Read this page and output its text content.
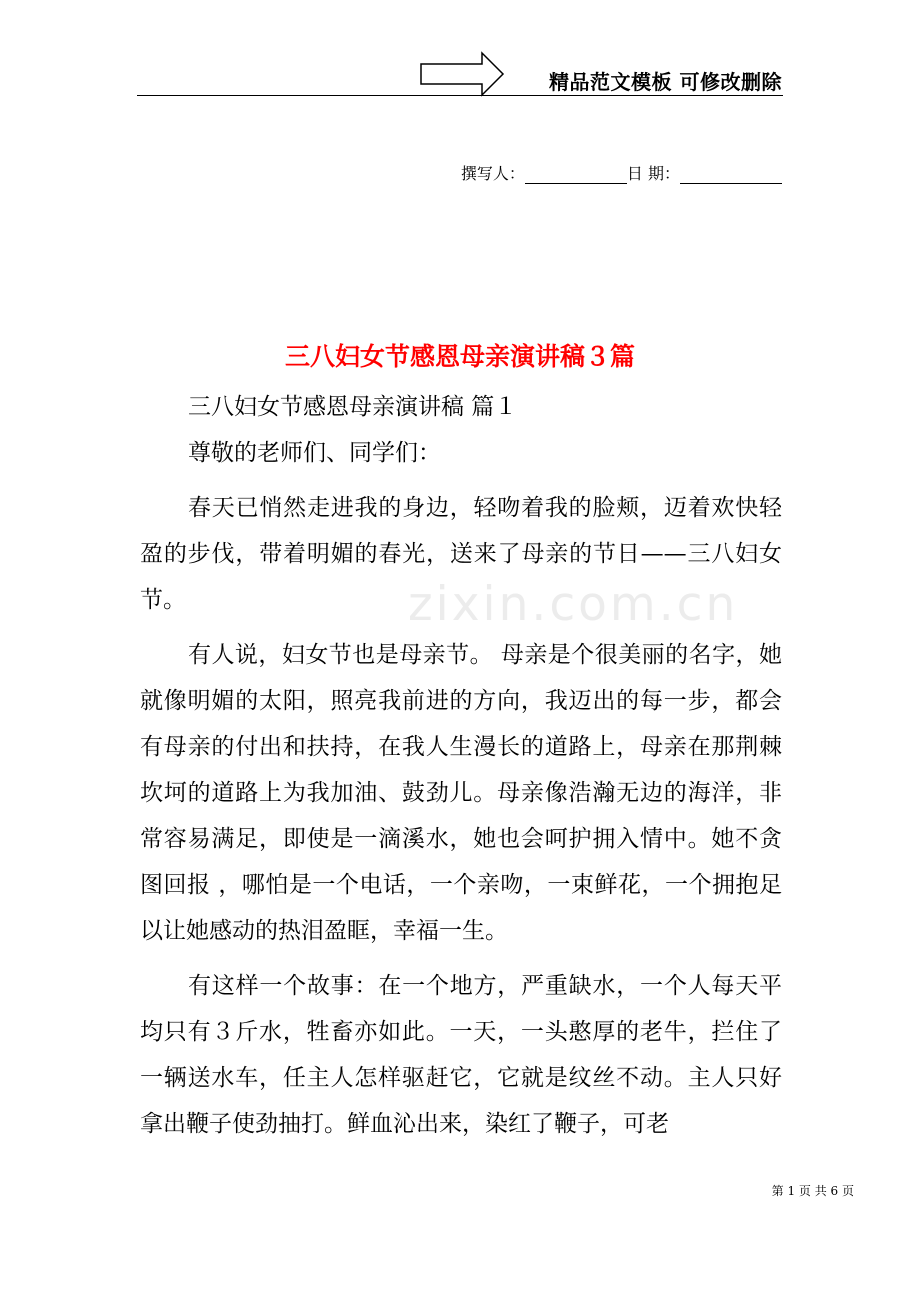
精品范文模板 可修改删除
撰写人：	日 期：
三八妇女节感恩母亲演讲稿３篇
zixin.com.cn

三八妇女节感恩母亲演讲稿 篇１

尊敬的老师们、同学们：

春天已悄然走进我的身边，轻吻着我的脸颊，迈着欢快轻盈的步伐，带着明媚的春光，送来了母亲的节日——三八妇女节。

有人说，妇女节也是母亲节。 母亲是个很美丽的名字，她就像明媚的太阳，照亮我前进的方向，我迈出的每一步，都会有母亲的付出和扶持，在我人生漫长的道路上，母亲在那荆棘坎坷的道路上为我加油、鼓劲儿。母亲像浩瀚无边的海洋，非常容易满足，即使是一滴溪水，她也会呵护拥入情中。她不贪图回报 ，哪怕是一个电话，一个亲吻，一束鲜花，一个拥抱足以让她感动的热泪盈眶，幸福一生。

有这样一个故事：在一个地方，严重缺水，一个人每天平均只有３斤水，牲畜亦如此。一天，一头憨厚的老牛，拦住了一辆送水车，任主人怎样驱赶它，它就是纹丝不动。主人只好拿出鞭子使劲抽打。鲜血沁出来，染红了鞭子，可老

第 1 页 共 6 页
